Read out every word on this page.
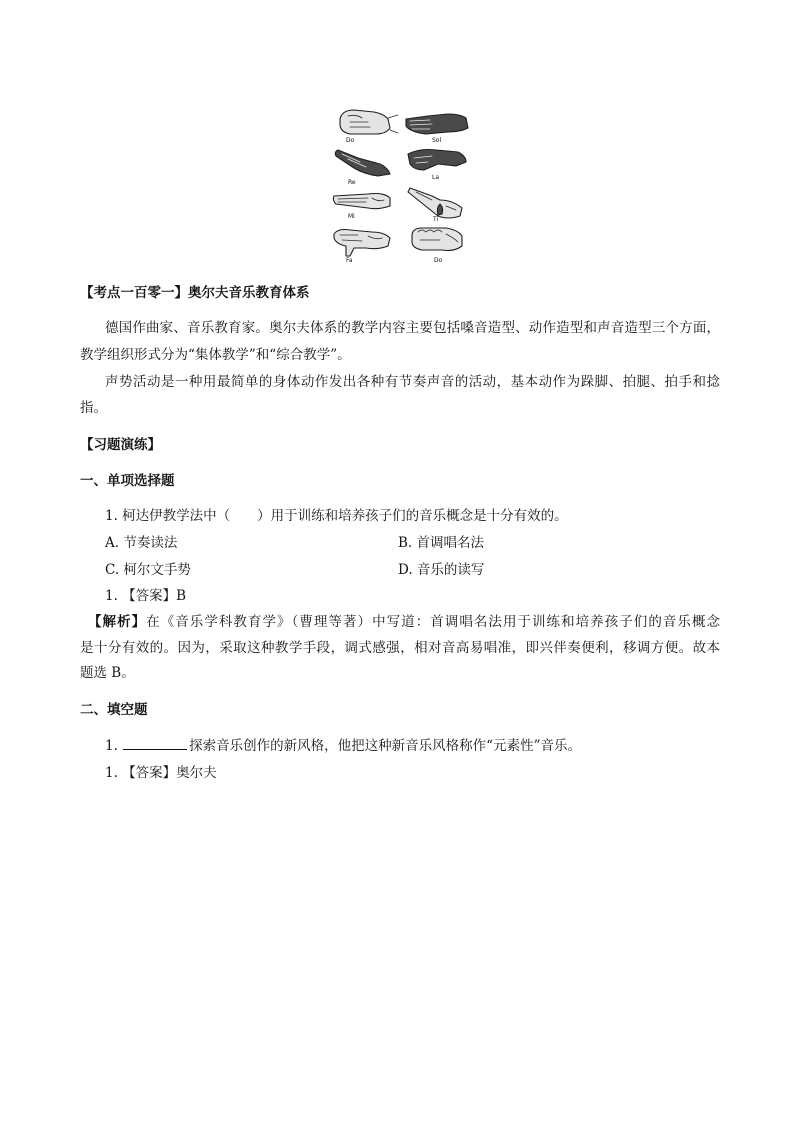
Do	Sol
Re
La
Mi	Ti
Fa	Do
【考点一百零一】奥尔夫音乐教育体系
德国作曲家、音乐教育家。奥尔夫体系的教学内容主要包括嗓音造型、动作造型和声音造型三个方面，
教学组织形式分为“集体教学”和“综合教学”。
声势活动是一种用最简单的身体动作发出各种有节奏声音的活动，基本动作为跺脚、拍腿、拍手和捻
指。
【习题演练】
一、单项选择题
1. 柯达伊教学法中（　　）用于训练和培养孩子们的音乐概念是十分有效的。
A. 节奏读法	B. 首调唱名法
C. 柯尔文手势	D. 音乐的读写
1. 【答案】B
【解析】在《音乐学科教育学》（曹理等著）中写道：首调唱名法用于训练和培养孩子们的音乐概念
是十分有效的。因为，采取这种教学手段，调式感强，相对音高易唱准，即兴伴奏便利，移调方便。故本
题选 B。
二、填空题
1.	探索音乐创作的新风格，他把这种新音乐风格称作“元素性”音乐。
1. 【答案】奥尔夫
